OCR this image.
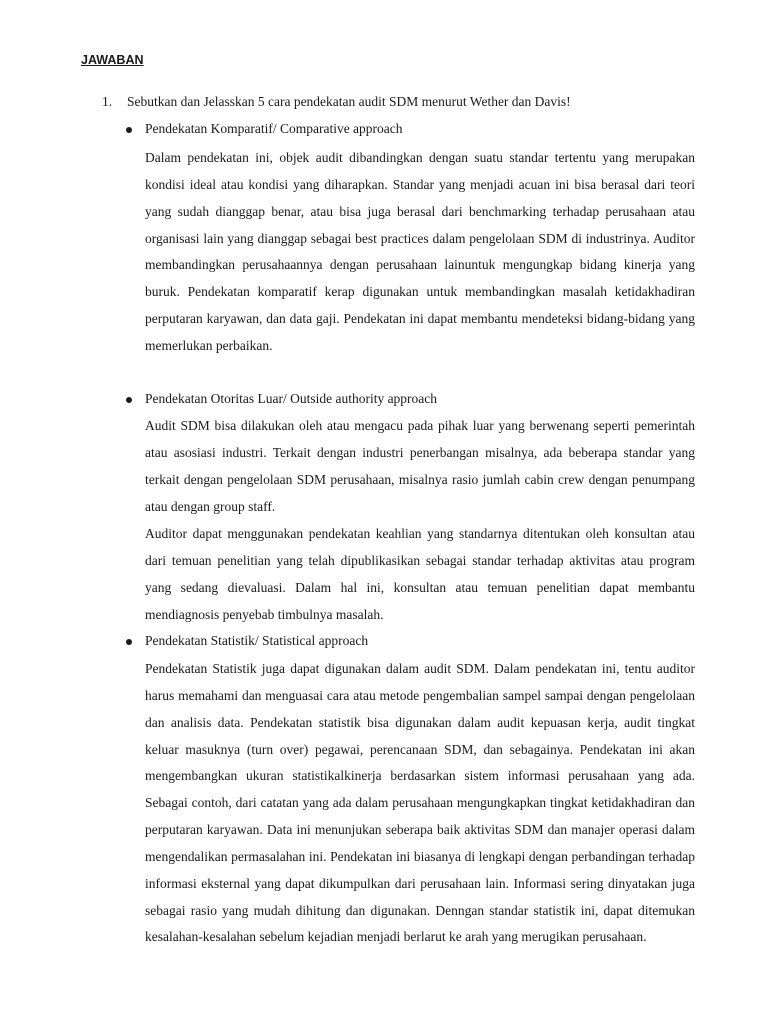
JAWABAN
1. Sebutkan dan Jelasskan 5 cara pendekatan audit SDM menurut Wether dan Davis!
Pendekatan Komparatif/ Comparative approach

Dalam pendekatan ini, objek audit dibandingkan dengan suatu standar tertentu yang merupakan kondisi ideal atau kondisi yang diharapkan. Standar yang menjadi acuan ini bisa berasal dari teori yang sudah dianggap benar, atau bisa juga berasal dari benchmarking terhadap perusahaan atau organisasi lain yang dianggap sebagai best practices dalam pengelolaan SDM di industrinya. Auditor membandingkan perusahaannya dengan perusahaan lainuntuk mengungkap bidang kinerja yang buruk. Pendekatan komparatif kerap digunakan untuk membandingkan masalah ketidakhadiran perputaran karyawan, dan data gaji. Pendekatan ini dapat membantu mendeteksi bidang-bidang yang memerlukan perbaikan.

Pendekatan Otoritas Luar/ Outside authority approach

Audit SDM bisa dilakukan oleh atau mengacu pada pihak luar yang berwenang seperti pemerintah atau asosiasi industri. Terkait dengan industri penerbangan misalnya, ada beberapa standar yang terkait dengan pengelolaan SDM perusahaan, misalnya rasio jumlah cabin crew dengan penumpang atau dengan group staff.

Auditor dapat menggunakan pendekatan keahlian yang standarnya ditentukan oleh konsultan atau dari temuan penelitian yang telah dipublikasikan sebagai standar terhadap aktivitas atau program yang sedang dievaluasi. Dalam hal ini, konsultan atau temuan penelitian dapat membantu mendiagnosis penyebab timbulnya masalah.

Pendekatan Statistik/ Statistical approach

Pendekatan Statistik juga dapat digunakan dalam audit SDM. Dalam pendekatan ini, tentu auditor harus memahami dan menguasai cara atau metode pengembalian sampel sampai dengan pengelolaan dan analisis data. Pendekatan statistik bisa digunakan dalam audit kepuasan kerja, audit tingkat keluar masuknya (turn over) pegawai, perencanaan SDM, dan sebagainya. Pendekatan ini akan mengembangkan ukuran statistikalkinerja berdasarkan sistem informasi perusahaan yang ada. Sebagai contoh, dari catatan yang ada dalam perusahaan mengungkapkan tingkat ketidakhadiran dan perputaran karyawan. Data ini menunjukan seberapa baik aktivitas SDM dan manajer operasi dalam mengendalikan permasalahan ini. Pendekatan ini biasanya di lengkapi dengan perbandingan terhadap informasi eksternal yang dapat dikumpulkan dari perusahaan lain. Informasi sering dinyatakan juga sebagai rasio yang mudah dihitung dan digunakan. Denngan standar statistik ini, dapat ditemukan kesalahan-kesalahan sebelum kejadian menjadi berlarut ke arah yang merugikan perusahaan.
